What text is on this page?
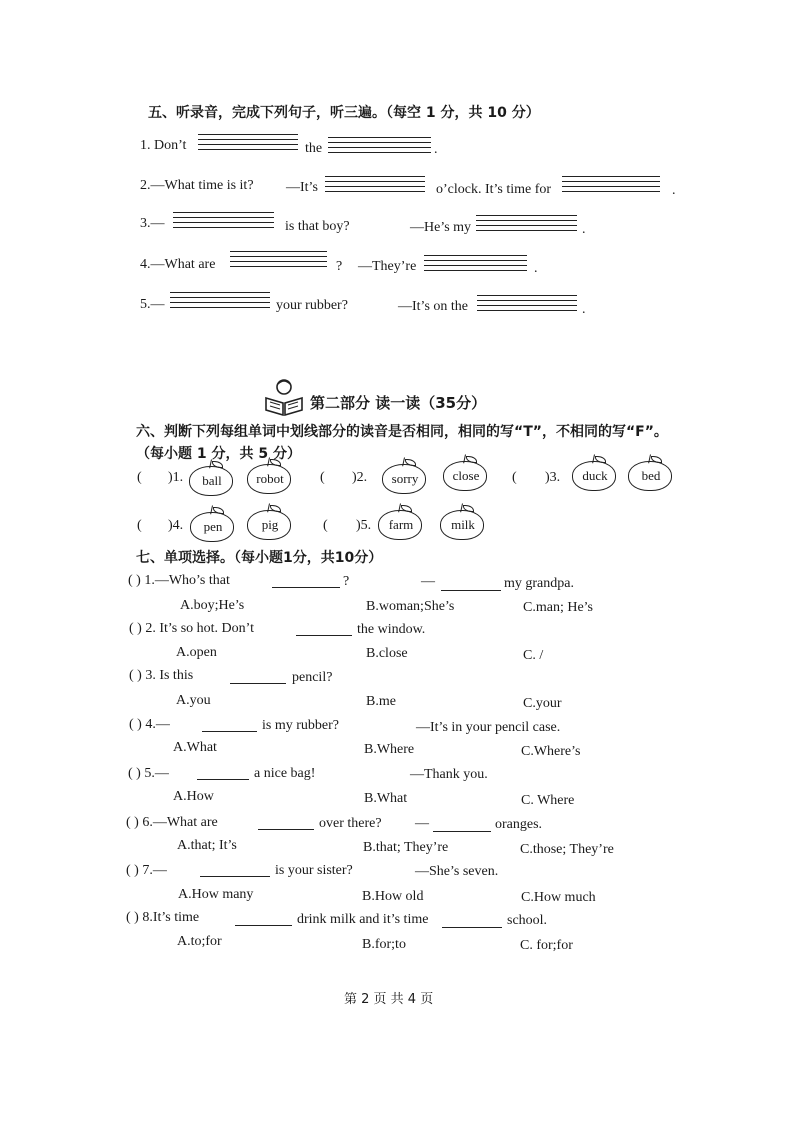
五、听录音，完成下列句子，听三遍。（每空 1 分，共 10 分）
1. Don’t	the	.
2.—What time is it? —It’s	o’clock. It’s time for	.
3.—	is that boy?	—He’s my	.
4.—What are	? —They’re	.
5.—	your rubber?	—It’s on the	.
第二部分 读一读（35分）
六、判断下列每组单词中划线部分的读音是否相同，相同的写“T”，不相同的写“F”。
（每小题 1 分，共 5 分）
( )1.	ball	robot	( )2.	sorry	close	( )3.	duck	bed
( )4.	pen	pig	( )5.	farm	milk
七、单项选择。（每小题1分，共10分）
( ) 1.—Who’s that	?	—	my grandpa.
A.boy;He’s	B.woman;She’s	C.man; He’s
( ) 2. It’s so hot. Don’t	the window.
A.open	B.close	C. /
( ) 3. Is this	pencil?
A.you	B.me	C.your
( ) 4.—	is my rubber?	—It’s in your pencil case.
A.What	B.Where	C.Where’s
( ) 5.—	a nice bag!	—Thank you.
A.How	B.What	C. Where
( ) 6.—What are	over there? —	oranges.
A.that; It’s	B.that; They’re	C.those; They’re
( ) 7.—	is your sister?	—She’s seven.
A.How many	B.How old	C.How much
( ) 8.It’s time	drink milk and it’s time	school.
A.to;for	B.for;to	C. for;for
第 2 页 共 4 页
